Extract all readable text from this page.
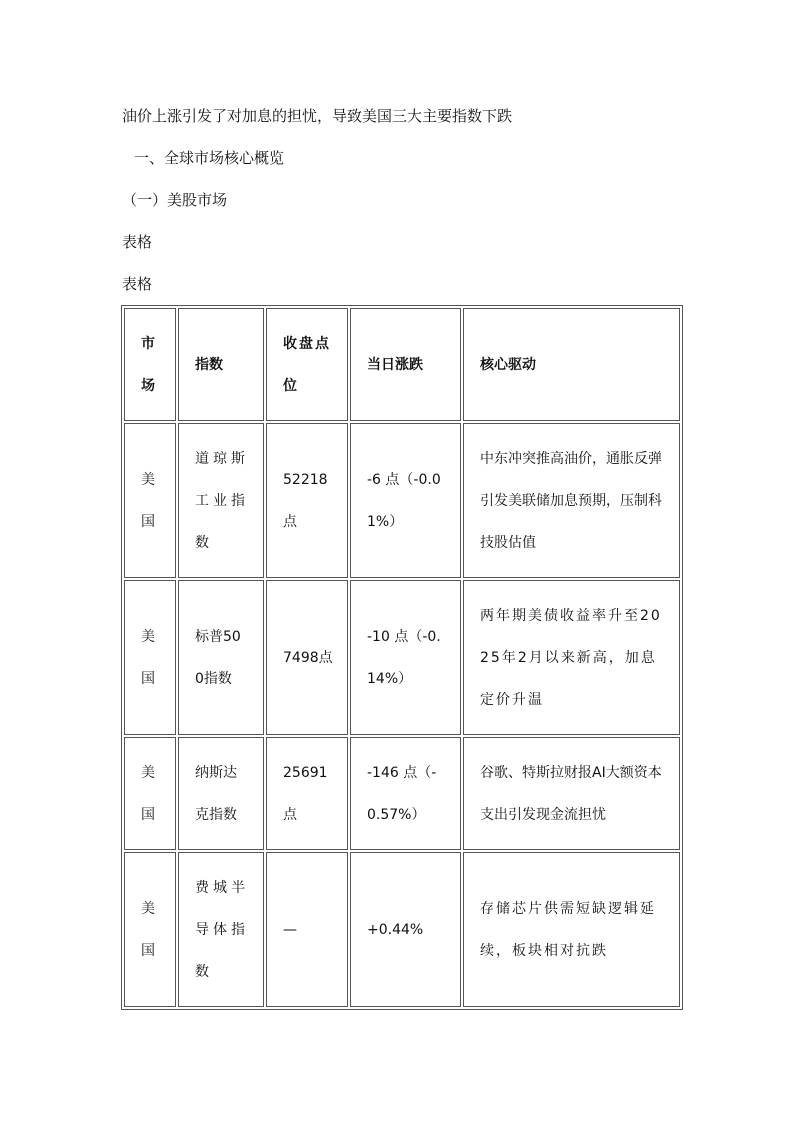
油价上涨引发了对加息的担忧，导致美国三大主要指数下跌
一、全球市场核心概览
（一）美股市场
表格
表格
市场	指数	收盘点位	当日涨跌	核心驱动
美国	道琼斯工业指数	52218点	-6 点（-0.01%）	中东冲突推高油价，通胀反弹引发美联储加息预期，压制科技股估值
美国	标普500指数	7498点	-10 点（-0.14%）	两年期美债收益率升至2025年2月以来新高，加息定价升温
美国	纳斯达克指数	25691点	-146 点（-0.57%）	谷歌、特斯拉财报AI大额资本支出引发现金流担忧
美国	费城半导体指数	—	+0.44%	存储芯片供需短缺逻辑延续，板块相对抗跌
